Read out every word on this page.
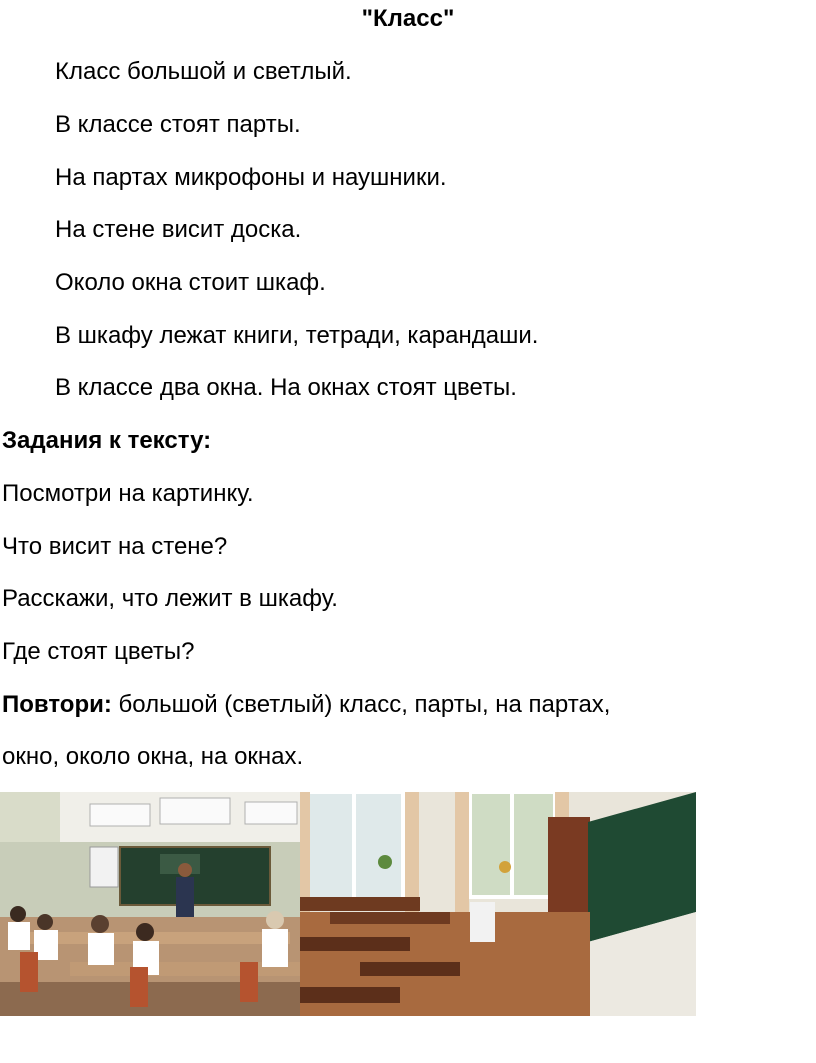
"Класс"
Класс большой и светлый.
В классе стоят парты.
На партах микрофоны и наушники.
На стене висит доска.
Около окна стоит шкаф.
В шкафу лежат книги, тетради, карандаши.
В классе два окна. На окнах стоят цветы.
Задания к тексту:
Посмотри на картинку.
Что висит на стене?
Расскажи, что лежит в шкафу.
Где стоят цветы?
Повтори: большой (светлый) класс, парты, на партах,
окно, около окна, на окнах.
